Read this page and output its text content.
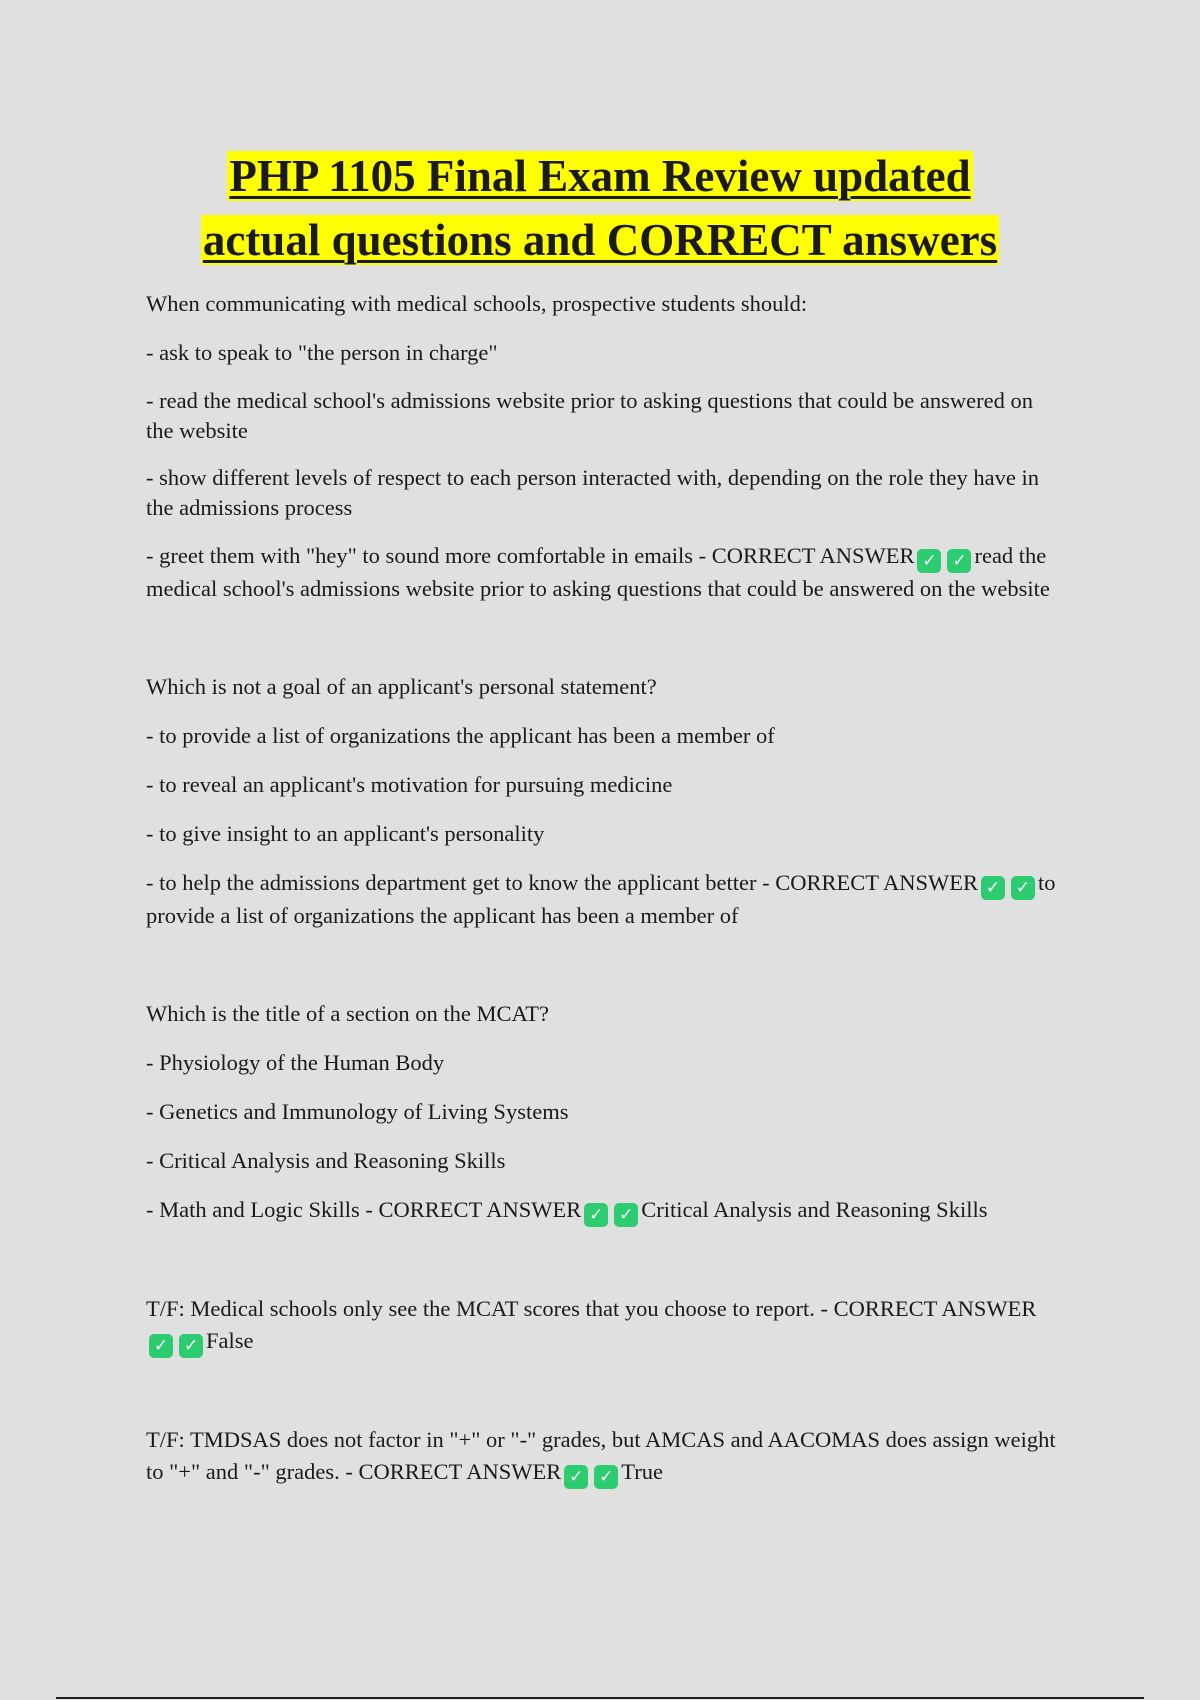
PHP 1105 Final Exam Review updated
actual questions and CORRECT answers

When communicating with medical schools, prospective students should:

- ask to speak to "the person in charge"

- read the medical school's admissions website prior to asking questions that could be answered on the website

- show different levels of respect to each person interacted with, depending on the role they have in the admissions process

- greet them with "hey" to sound more comfortable in emails - CORRECT ANSWER ✓ ✓ read the medical school's admissions website prior to asking questions that could be answered on the website

Which is not a goal of an applicant's personal statement?

- to provide a list of organizations the applicant has been a member of

- to reveal an applicant's motivation for pursuing medicine

- to give insight to an applicant's personality

- to help the admissions department get to know the applicant better - CORRECT ANSWER ✓ ✓ to provide a list of organizations the applicant has been a member of

Which is the title of a section on the MCAT?

- Physiology of the Human Body

- Genetics and Immunology of Living Systems

- Critical Analysis and Reasoning Skills

- Math and Logic Skills - CORRECT ANSWER ✓ ✓ Critical Analysis and Reasoning Skills

T/F: Medical schools only see the MCAT scores that you choose to report. - CORRECT ANSWER✓ ✓ False

T/F: TMDSAS does not factor in "+" or "-" grades, but AMCAS and AACOMAS does assign weight to "+" and "-" grades. - CORRECT ANSWER ✓ ✓ True
